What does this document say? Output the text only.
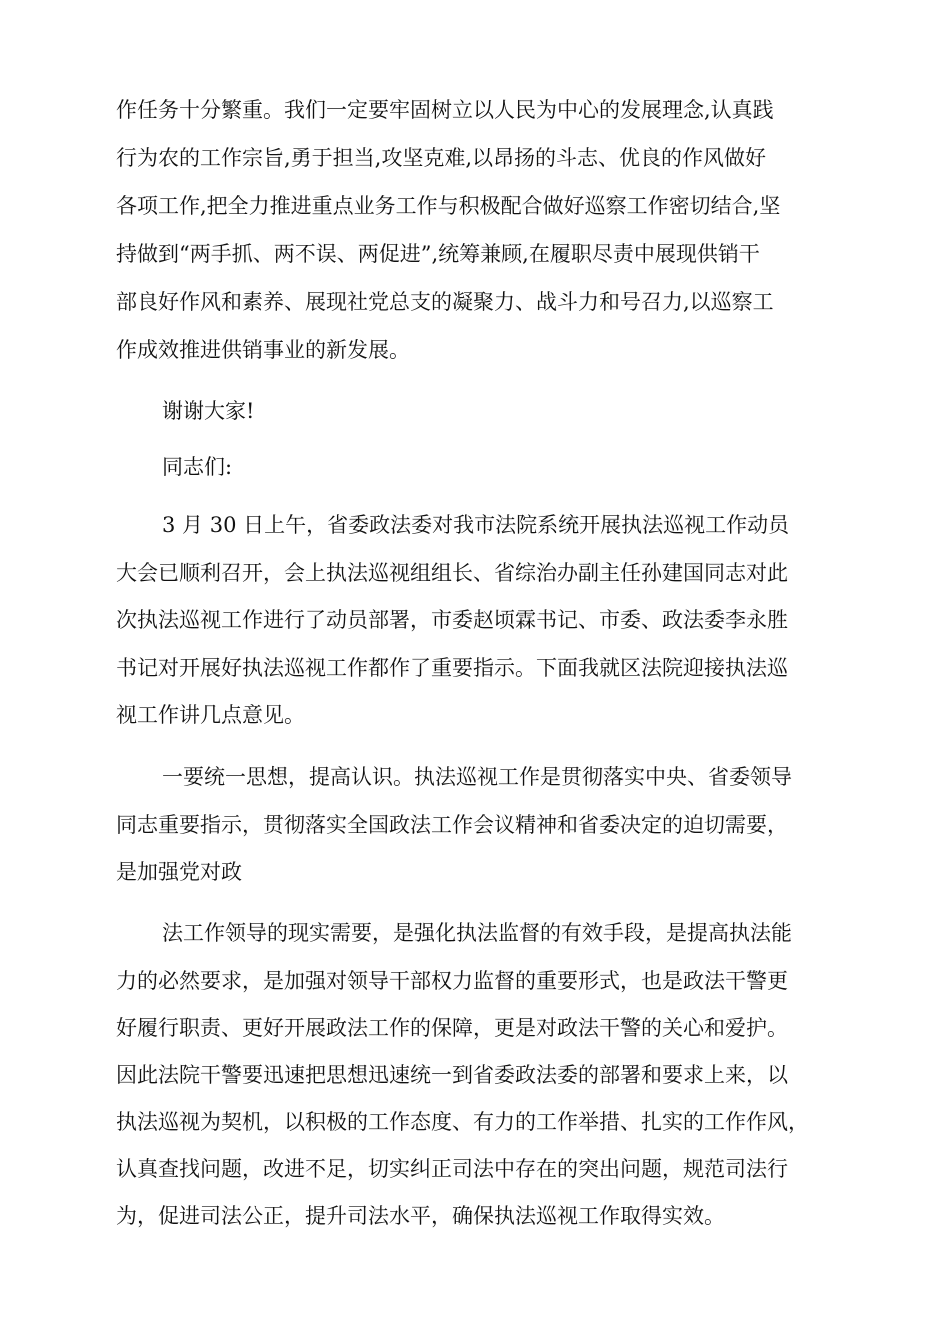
作任务十分繁重。我们一定要牢固树立以人民为中心的发展理念,认真践
行为农的工作宗旨,勇于担当,攻坚克难,以昂扬的斗志、优良的作风做好
各项工作,把全力推进重点业务工作与积极配合做好巡察工作密切结合,坚
持做到“两手抓、两不误、两促进”,统筹兼顾,在履职尽责中展现供销干
部良好作风和素养、展现社党总支的凝聚力、战斗力和号召力,以巡察工
作成效推进供销事业的新发展。
谢谢大家!
同志们:
3 月 30 日上午，省委政法委对我市法院系统开展执法巡视工作动员
大会已顺利召开，会上执法巡视组组长、省综治办副主任孙建国同志对此
次执法巡视工作进行了动员部署，市委赵顷霖书记、市委、政法委李永胜
书记对开展好执法巡视工作都作了重要指示。下面我就区法院迎接执法巡
视工作讲几点意见。
一要统一思想，提高认识。执法巡视工作是贯彻落实中央、省委领导
同志重要指示，贯彻落实全国政法工作会议精神和省委决定的迫切需要，
是加强党对政
法工作领导的现实需要，是强化执法监督的有效手段，是提高执法能
力的必然要求，是加强对领导干部权力监督的重要形式，也是政法干警更
好履行职责、更好开展政法工作的保障，更是对政法干警的关心和爱护。
因此法院干警要迅速把思想迅速统一到省委政法委的部署和要求上来，以
执法巡视为契机，以积极的工作态度、有力的工作举措、扎实的工作作风，
认真查找问题，改进不足，切实纠正司法中存在的突出问题，规范司法行
为，促进司法公正，提升司法水平，确保执法巡视工作取得实效。
